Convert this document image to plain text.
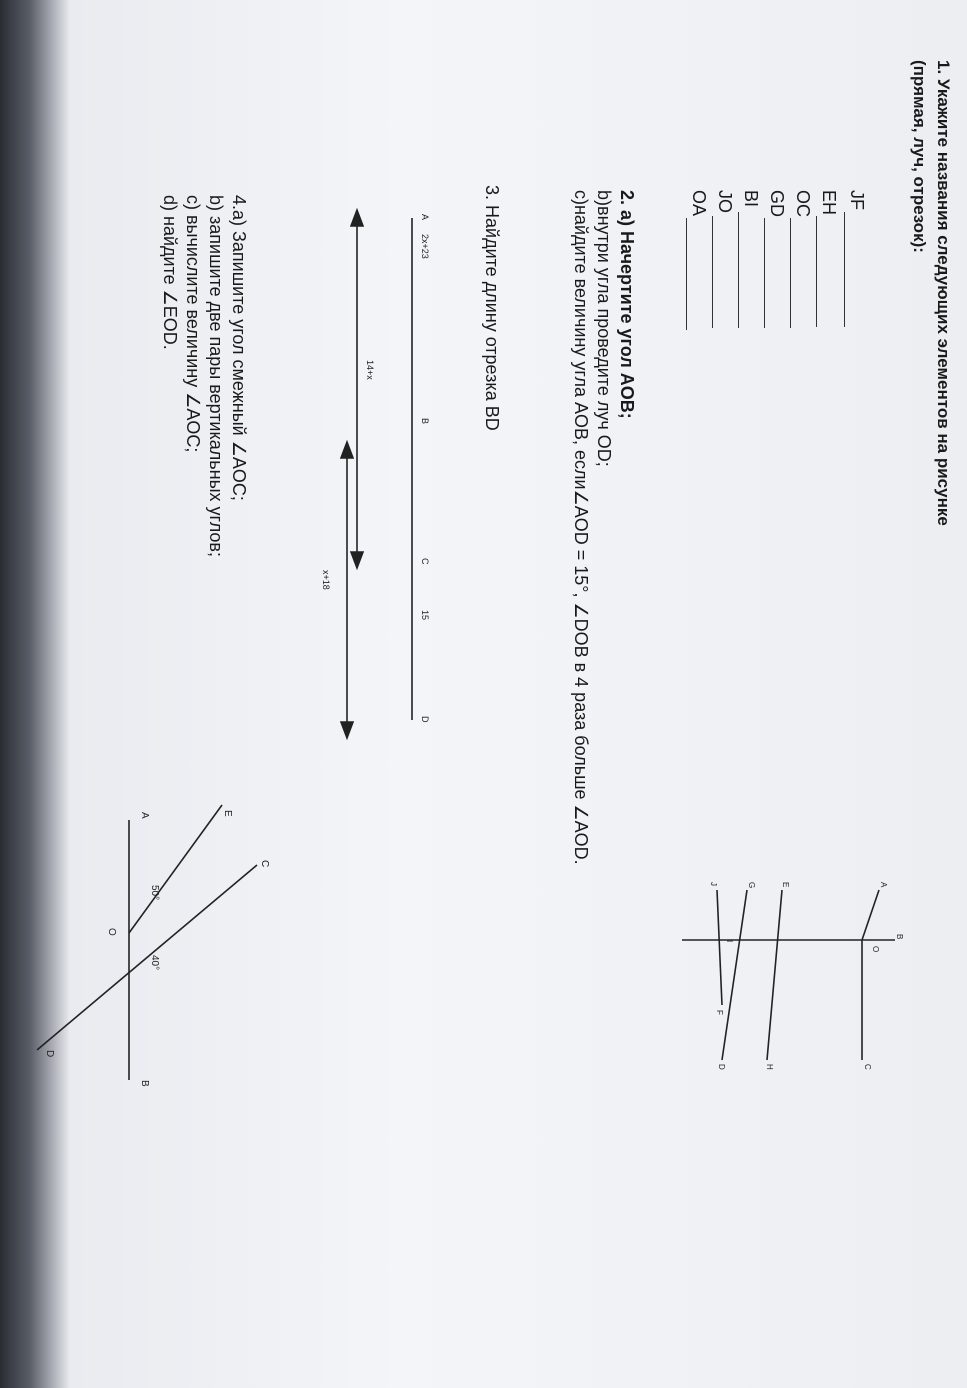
1. Укажите названия следующих элементов на рисунке
(прямая, луч, отрезок):
JF
EH
OC
GD
BI
JO
OA
A
O
C
B
E
G
J
I
H
D
F
2. a) Начертите угол AOB;
b)внутри угла проведите луч OD;
c)найдите величину угла AOB, если∠AOD = 15°, ∠DOB в 4 раза больше ∠AOD.
3. Найдите длину отрезка BD
A
2x+23
B
C
15
D
14+x
x+18
4.a) Запишите угол смежный ∠AOC;
b) запишите две пары вертикальных углов;
c) вычислите величину ∠AOC;
d) найдите ∠EOD.
A	E
50°
O
40°
D
B
C
